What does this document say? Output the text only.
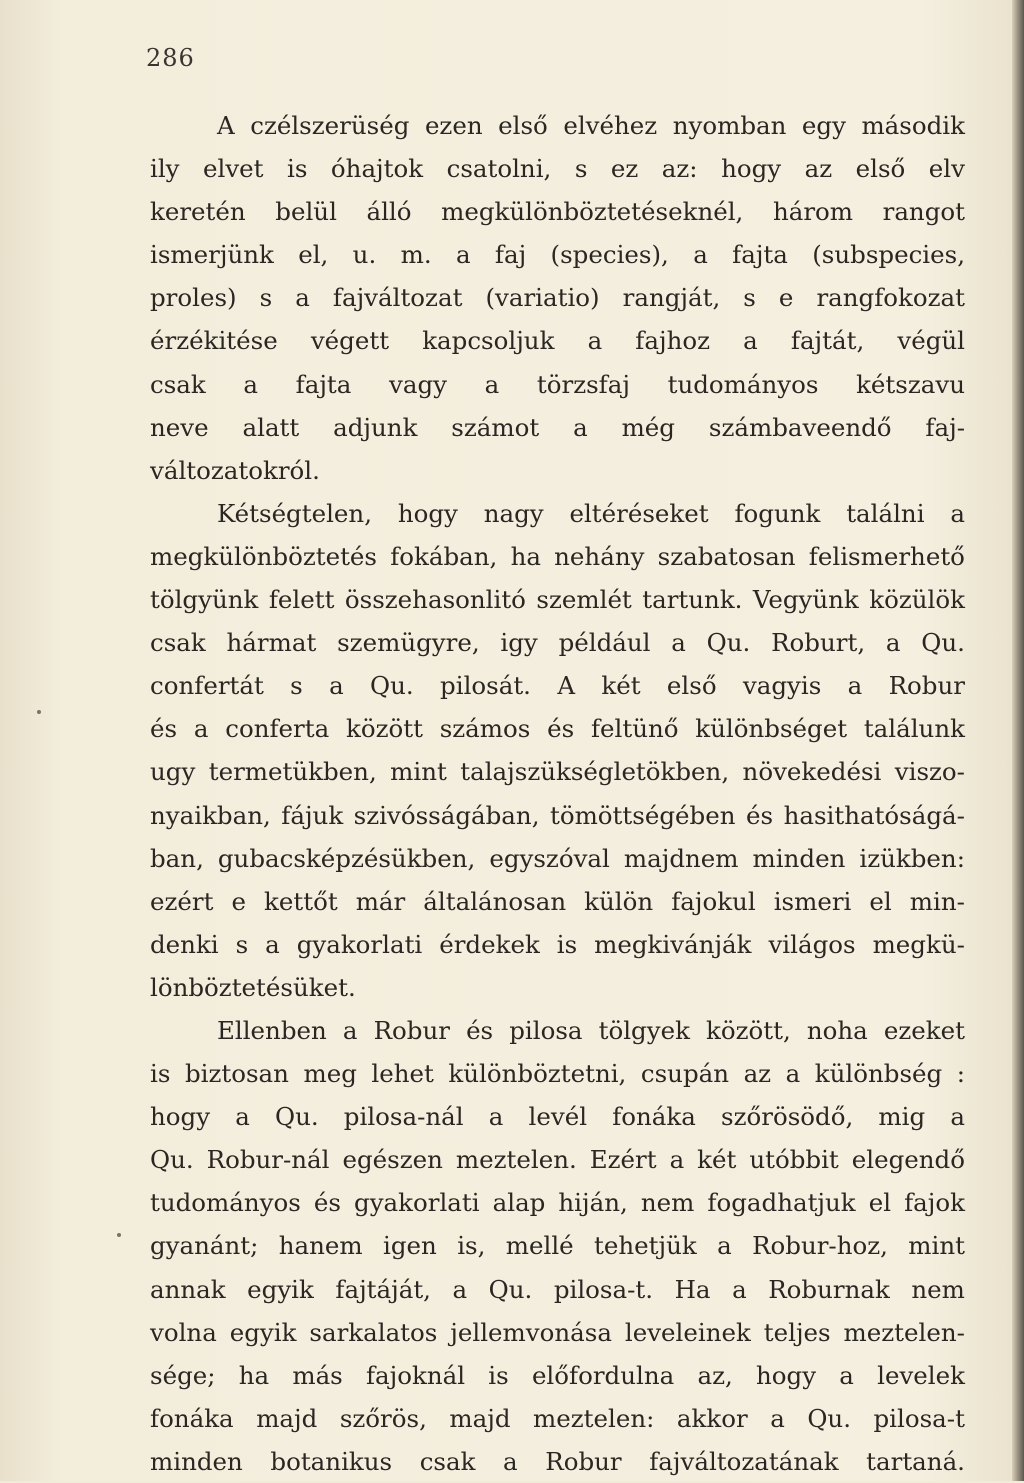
286
A czélszerüség ezen első elvéhez nyomban egy második
ily elvet is óhajtok csatolni, s ez az: hogy az első elv
keretén belül álló megkülönböztetéseknél, három rangot
ismerjünk el, u. m. a faj (species), a fajta (subspecies,
proles) s a fajváltozat (variatio) rangját, s e rangfokozat
érzékitése végett kapcsoljuk a fajhoz a fajtát, végül
csak a fajta vagy a törzsfaj tudományos kétszavu
neve alatt adjunk számot a még számbaveendő faj-
változatokról.
Kétségtelen, hogy nagy eltéréseket fogunk találni a
megkülönböztetés fokában, ha nehány szabatosan felismerhető
tölgyünk felett összehasonlitó szemlét tartunk. Vegyünk közülök
csak hármat szemügyre, igy például a Qu. Roburt, a Qu.
confertát s a Qu. pilosát. A két első vagyis a Robur
és a conferta között számos és feltünő különbséget találunk
ugy termetükben, mint talajszükségletökben, növekedési viszo-
nyaikban, fájuk szivósságában, tömöttségében és hasithatóságá-
ban, gubacsképzésükben, egyszóval majdnem minden izükben:
ezért e kettőt már általánosan külön fajokul ismeri el min-
denki s a gyakorlati érdekek is megkivánják világos megkü-
lönböztetésüket.
Ellenben a Robur és pilosa tölgyek között, noha ezeket
is biztosan meg lehet különböztetni, csupán az a különbség :
hogy a Qu. pilosa-nál a levél fonáka szőrösödő, mig a
Qu. Robur-nál egészen meztelen. Ezért a két utóbbit elegendő
tudományos és gyakorlati alap hiján, nem fogadhatjuk el fajok
gyanánt; hanem igen is, mellé tehetjük a Robur-hoz, mint
annak egyik fajtáját, a Qu. pilosa-t. Ha a Roburnak nem
volna egyik sarkalatos jellemvonása leveleinek teljes meztelen-
sége; ha más fajoknál is előfordulna az, hogy a levelek
fonáka majd szőrös, majd meztelen: akkor a Qu. pilosa-t
minden botanikus csak a Robur fajváltozatának tartaná.
